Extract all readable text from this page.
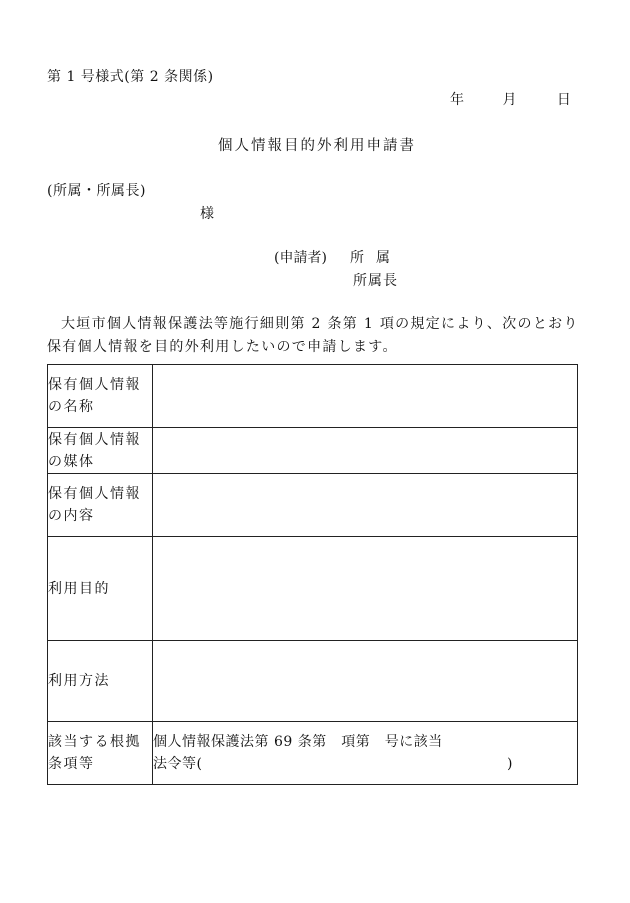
第 1 号様式(第 2 条関係)
年	月	日
個人情報目的外利用申請書
(所属・所属長)
様
(申請者) 所属
所属長
大垣市個人情報保護法等施行細則第 2 条第 1 項の規定により、次のとおり保有個人情報を目的外利用したいので申請します。
保有個人情報の名称	
保有個人情報の媒体	
保有個人情報の内容	
利用目的	
利用方法	
該当する根拠条項等	個人情報保護法第 69 条第　項第　号に該当
法令等( )
